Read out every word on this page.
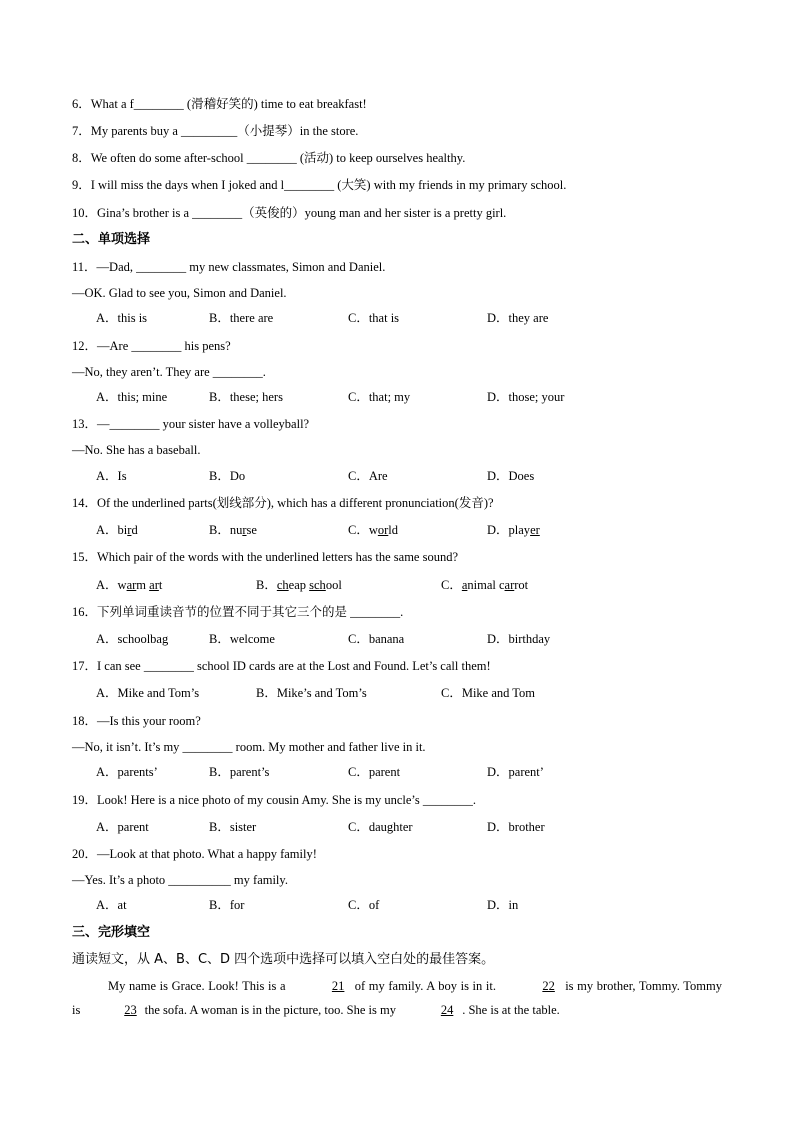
6．What a f________ (滑稽好笑的) time to eat breakfast!
7．My parents buy a _________（小提琴）in the store.
8．We often do some after-school ________ (活动) to keep ourselves healthy.
9．I will miss the days when I joked and l________ (大笑) with my friends in my primary school.
10．Gina’s brother is a ________（英俊的）young man and her sister is a pretty girl.
二、单项选择
11．—Dad, ________ my new classmates, Simon and Daniel.
—OK. Glad to see you, Simon and Daniel.
A．this is	B．there are	C．that is	D．they are
12．—Are ________ his pens?
—No, they aren’t. They are ________.
A．this; mine	B．these; hers	C．that; my	D．those; your
13．—________ your sister have a volleyball?
—No. She has a baseball.
A．Is	B．Do	C．Are	D．Does
14．Of the underlined parts(划线部分), which has a different pronunciation(发音)?
A．bird	B．nurse	C．world	D．player
15．Which pair of the words with the underlined letters has the same sound?
A．warm art	B．cheap school	C．animal carrot
16．下列单词重读音节的位置不同于其它三个的是 ________.
A．schoolbag	B．welcome	C．banana	D．birthday
17．I can see ________ school ID cards are at the Lost and Found. Let’s call them!
A．Mike and Tom’s	B．Mike’s and Tom’s	C．Mike and Tom
18．—Is this your room?
—No, it isn’t. It’s my ________ room. My mother and father live in it.
A．parents’	B．parent’s	C．parent	D．parent’
19．Look! Here is a nice photo of my cousin Amy. She is my uncle’s ________.
A．parent	B．sister	C．daughter	D．brother
20．—Look at that photo. What a happy family!
—Yes. It’s a photo __________ my family.
A．at	B．for	C．of	D．in
三、完形填空
通读短文，从 A、B、C、D 四个选项中选择可以填入空白处的最佳答案。
My name is Grace. Look! This is a	21 of my family. A boy is in it.	22 is my brother, Tommy. Tommy is	23 the sofa. A woman is in the picture, too. She is my	24 . She is at the table.
